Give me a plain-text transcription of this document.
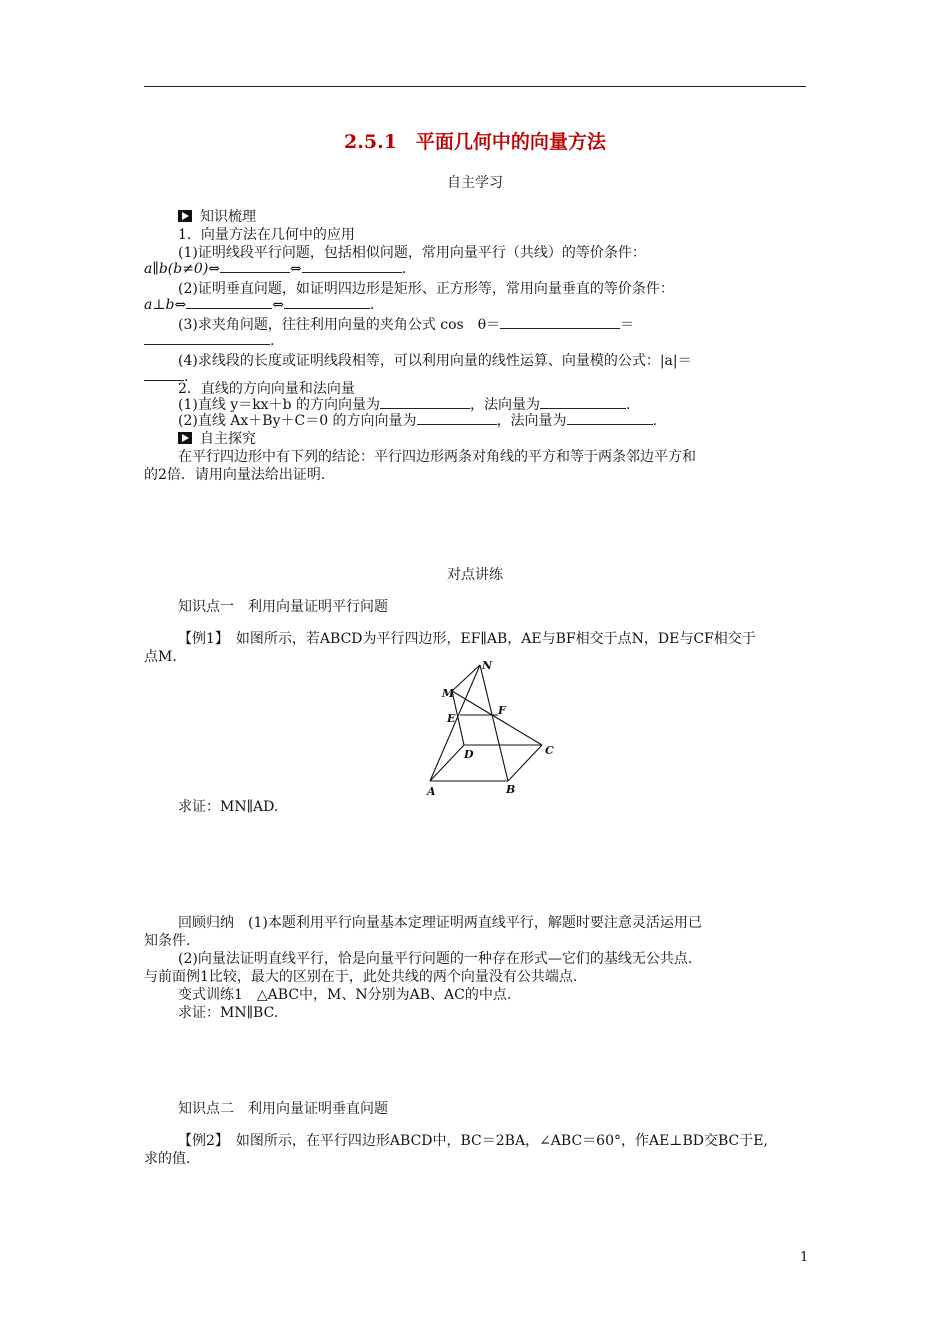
2.5.1　平面几何中的向量方法
自主学习
知识梳理
1．向量方法在几何中的应用
(1)证明线段平行问题，包括相似问题，常用向量平行（共线）的等价条件：
a∥b(b≠0)⇔	⇔	.
(2)证明垂直问题，如证明四边形是矩形、正方形等，常用向量垂直的等价条件：
a⊥b⇔	⇔	.
(3)求夹角问题，往往利用向量的夹角公式 cos　θ＝	＝
.
(4)求线段的长度或证明线段相等，可以利用向量的线性运算、向量模的公式：|a|＝
.
2．直线的方向向量和法向量
(1)直线 y＝kx＋b 的方向向量为	，法向量为	.
(2)直线 Ax＋By＋C＝0 的方向向量为	，法向量为	.
自主探究
在平行四边形中有下列的结论：平行四边形两条对角线的平方和等于两条邻边平方和
的2倍．请用向量法给出证明.
对点讲练
知识点一　利用向量证明平行问题
【例1】　如图所示，若ABCD为平行四边形，EF∥AB，AE与BF相交于点N，DE与CF相交于
点M.
N
M
E
F
C
D
A	B
求证：MN∥AD.
回顾归纳　(1)本题利用平行向量基本定理证明两直线平行，解题时要注意灵活运用已
知条件.
(2)向量法证明直线平行，恰是向量平行问题的一种存在形式—它们的基线无公共点.
与前面例1比较，最大的区别在于，此处共线的两个向量没有公共端点.
变式训练1　△ABC中，M、N分别为AB、AC的中点.
求证：MN∥BC.
知识点二　利用向量证明垂直问题
【例2】　如图所示，在平行四边形ABCD中，BC＝2BA，∠ABC＝60°，作AE⊥BD交BC于E,
求的值.
1
